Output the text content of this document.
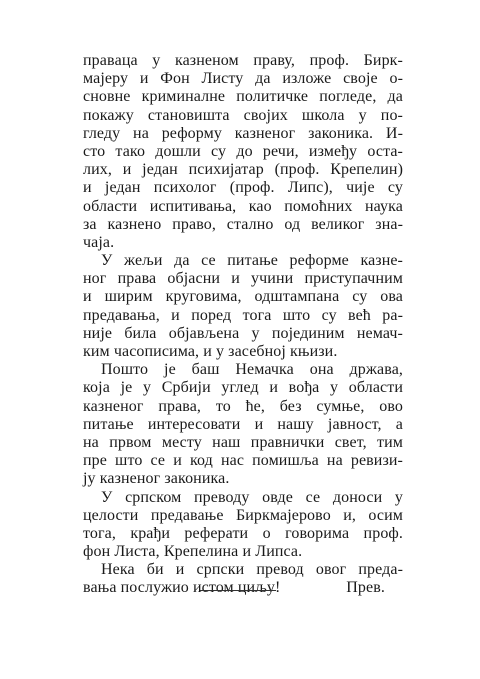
правaца у казненом праву, проф. Бирк-
мајеру и Фон Листу да изложе своје о-
сновне криминалне политичке погледе, да
покажу становишта својих школа у по-
гледу на реформу казненог законика. И-
сто тако дошли су до речи, између оста-
лих, и један психијатар (проф. Крепелин)
и један психолог (проф. Липс), чије су
области испитивања, као помоћних наука
за казнено право, стално од великог зна-
чаја.
У жељи да се питање реформе казне-
ног права објасни и учини приступачним
и ширим круговима, одштампана су ова
предавања, и поред тога што су већ ра-
није била објављена у појединим немач-
ким часописима, и у засебној књизи.
Пошто је баш Немачка она држава,
која је у Србији углед и вођа у области
казненог права, то ће, без сумње, ово
питање интересовати и нашу јавност, а
на првом месту наш правнички свет, тим
пре што се и код нас помишља на ревизи-
ју казненог законика.
У српском преводу овде се доноси у
целости предавање Биркмајерово и, осим
тога, крађи реферати о говорима проф.
фон Листа, Крепелина и Липса.
Нека би и српски превод овог преда-
вања послужио истом циљу!	Прев.
